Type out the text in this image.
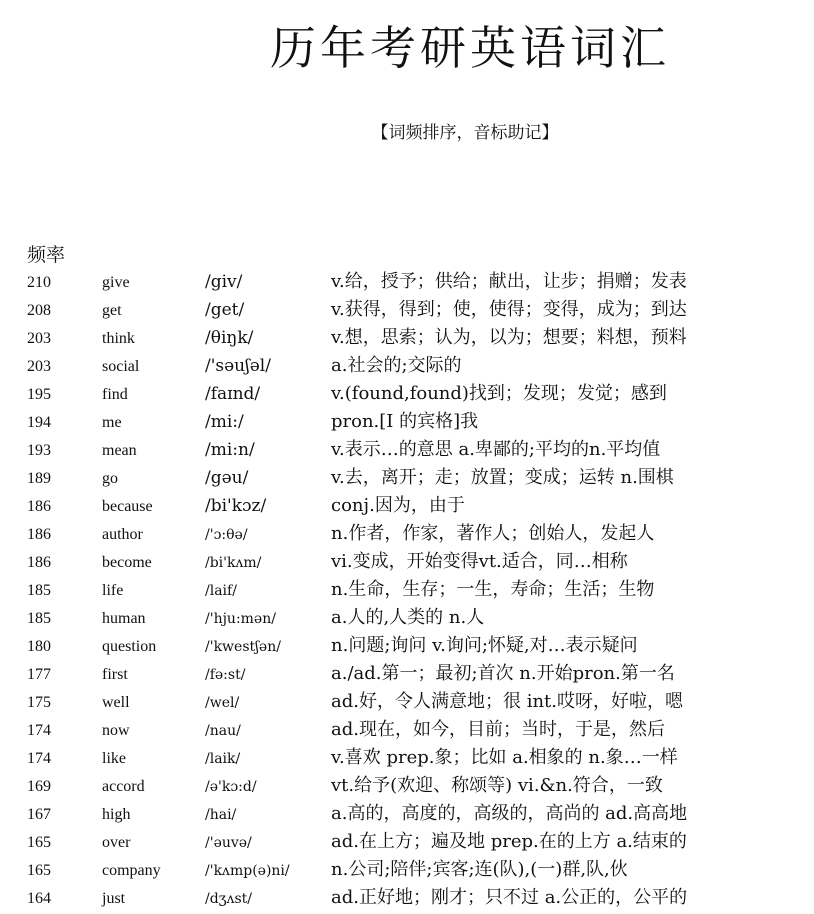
历年考研英语词汇
【词频排序，音标助记】
频率
210	give	/giv/	v.给，授予；供给；献出，让步；捐赠；发表
208	get	/get/	v.获得，得到；使，使得；变得，成为；到达
203	think	/θiŋk/	v.想，思索；认为，以为；想要；料想，预料
203	social	/'səuʃəl/	a.社会的;交际的
195	find	/faɪnd/	v.(found,found)找到；发现；发觉；感到
194	me	/mi:/	pron.[I 的宾格]我
193	mean	/mi:n/	v.表示…的意思 a.卑鄙的;平均的n.平均值
189	go	/gəu/	v.去，离开；走；放置；变成；运转 n.围棋
186	because	/bi'kɔz/	conj.因为，由于
186	author	/'ɔ:θə/	n.作者，作家，著作人；创始人，发起人
186	become	/bi'kʌm/	vi.变成，开始变得vt.适合，同…相称
185	life	/laif/	n.生命，生存；一生，寿命；生活；生物
185	human	/'hju:mən/	a.人的,人类的 n.人
180	question	/'kwestʃən/	n.问题;询问 v.询问;怀疑,对…表示疑问
177	first	/fə:st/	a./ad.第一；最初;首次 n.开始pron.第一名
175	well	/wel/	ad.好，令人满意地；很 int.哎呀，好啦，嗯
174	now	/nau/	ad.现在，如今，目前；当时，于是，然后
174	like	/laik/	v.喜欢 prep.象；比如 a.相象的 n.象…一样
169	accord	/ə'kɔ:d/	vt.给予(欢迎、称颂等) vi.&n.符合，一致
167	high	/hai/	a.高的，高度的，高级的，高尚的 ad.高高地
165	over	/'əuvə/	ad.在上方；遍及地 prep.在的上方 a.结束的
165	company	/'kʌmp(ə)ni/ n.公司;陪伴;宾客;连(队),(一)群,队,伙
164	just	/dʒʌst/	ad.正好地；刚才；只不过 a.公正的，公平的
